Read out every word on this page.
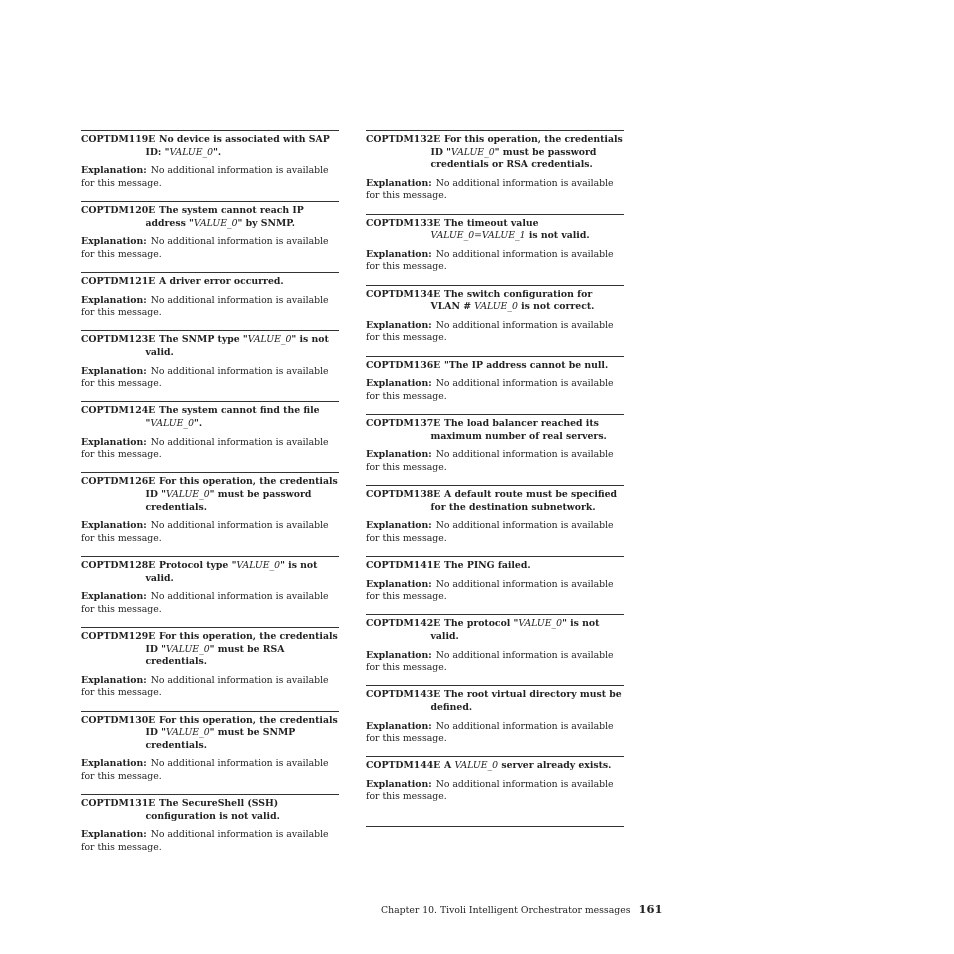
COPTDM119E No device is associated with SAP ID: "VALUE_0".
Explanation: No additional information is available for this message.
COPTDM120E The system cannot reach IP address "VALUE_0" by SNMP.
Explanation: No additional information is available for this message.
COPTDM121E A driver error occurred.
Explanation: No additional information is available for this message.
COPTDM123E The SNMP type "VALUE_0" is not valid.
Explanation: No additional information is available for this message.
COPTDM124E The system cannot find the file "VALUE_0".
Explanation: No additional information is available for this message.
COPTDM126E For this operation, the credentials ID "VALUE_0" must be password credentials.
Explanation: No additional information is available for this message.
COPTDM128E Protocol type "VALUE_0" is not valid.
Explanation: No additional information is available for this message.
COPTDM129E For this operation, the credentials ID "VALUE_0" must be RSA credentials.
Explanation: No additional information is available for this message.
COPTDM130E For this operation, the credentials ID "VALUE_0" must be SNMP credentials.
Explanation: No additional information is available for this message.
COPTDM131E The SecureShell (SSH) configuration is not valid.
Explanation: No additional information is available for this message.
COPTDM132E For this operation, the credentials ID "VALUE_0" must be password credentials or RSA credentials.
Explanation: No additional information is available for this message.
COPTDM133E The timeout value VALUE_0=VALUE_1 is not valid.
Explanation: No additional information is available for this message.
COPTDM134E The switch configuration for VLAN # VALUE_0 is not correct.
Explanation: No additional information is available for this message.
COPTDM136E "The IP address cannot be null.
Explanation: No additional information is available for this message.
COPTDM137E The load balancer reached its maximum number of real servers.
Explanation: No additional information is available for this message.
COPTDM138E A default route must be specified for the destination subnetwork.
Explanation: No additional information is available for this message.
COPTDM141E The PING failed.
Explanation: No additional information is available for this message.
COPTDM142E The protocol "VALUE_0" is not valid.
Explanation: No additional information is available for this message.
COPTDM143E The root virtual directory must be defined.
Explanation: No additional information is available for this message.
COPTDM144E A VALUE_0 server already exists.
Explanation: No additional information is available for this message.
Chapter 10. Tivoli Intelligent Orchestrator messages 161
